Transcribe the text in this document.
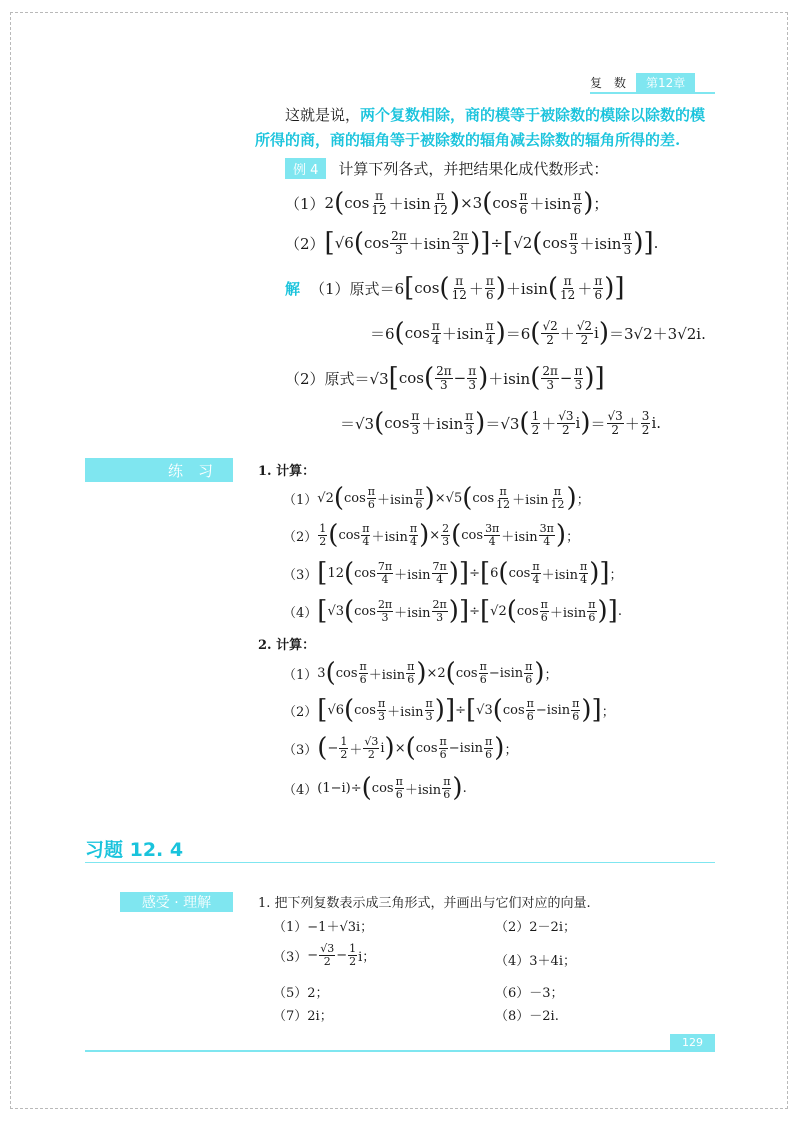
复　数	第12章
这就是说，两个复数相除，商的模等于被除数的模除以除数的模
所得的商，商的辐角等于被除数的辐角减去除数的辐角所得的差.
例 4	计算下列各式，并把结果化成代数形式：
（1） 2 ( $\cos \frac{\pi}{12} +isin \frac{\pi}{12}$ ) ×3 ( $\cos \frac{\pi}{6} +isin \frac{\pi}{6}$ ) ；
（2） [ √6 ( $\cos \frac{2\pi}{3} +isin \frac{2\pi}{3}$ ) ] ÷ [ √2 ( $\cos \frac{\pi}{3} +isin \frac{\pi}{3}$ ) ] .
解 （1）原式 ＝6 [ cos ( $\frac{\pi}{12} + \frac{\pi}{6}$ ) ＋isin ( $\frac{\pi}{12} + \frac{\pi}{6}$ ) ]
＝6 ( $\cos \frac{\pi}{4} +isin \frac{\pi}{4}$ ) ＝6 ( $\frac{√2}{2} + \frac{√2}{2}$ i ) ＝3√2＋3√2i.
（2）原式 ＝√3 [ cos ( $\frac{2\pi}{3} - \frac{\pi}{3}$ ) ＋isin ( $\frac{2\pi}{3} - \frac{\pi}{3}$ ) ]
＝√3 ( $\cos \frac{\pi}{3} +isin \frac{\pi}{3}$ ) ＝√3 ( $\frac{1}{2} + \frac{√3}{2}$ i ) ＝ $\frac{√3}{2} + \frac{3}{2} i$.
练　习	1. 计算：
（1） √2 ( $\cos \frac{\pi}{6} +isin \frac{\pi}{6}$ ) ×√5 ( $\cos \frac{\pi}{12} +isin \frac{\pi}{12}$ ) ；
$(2) \frac{1}{2}$ ( $\cos \frac{\pi}{4} +isin \frac{\pi}{4}$ ) × $\frac{2}{3}$ ( $\cos \frac{3\pi}{4} +isin \frac{3\pi}{4}$ ) ；
（3） [ 12 ( $\cos \frac{7\pi}{4} +isin \frac{7\pi}{4}$ ) ] ÷ [ 6 ( $\cos \frac{\pi}{4} +isin \frac{\pi}{4}$ ) ] ；
（4） [ √3 ( $\cos \frac{2\pi}{3} +isin \frac{2\pi}{3}$ ) ] ÷ [ √2 ( $\cos \frac{\pi}{6} +isin \frac{\pi}{6}$ ) ] .
2. 计算：
（1） 3 ( $\cos \frac{\pi}{6} +isin \frac{\pi}{6}$ ) ×2 ( $\cos \frac{\pi}{6} -isin \frac{\pi}{6}$ ) ；
（2） [ √6 ( $\cos \frac{\pi}{3} +isin \frac{\pi}{3}$ ) ] ÷ [ √3 ( $\cos \frac{\pi}{6} -isin \frac{\pi}{6}$ ) ] ；
（3） ( − $\frac{1}{2} + \frac{√3}{2}$ i ) × ( $\cos \frac{\pi}{6} -isin \frac{\pi}{6}$ ) ；
（4） (1−i)÷ ( $\cos \frac{\pi}{6} +isin \frac{\pi}{6}$ ) .
习题 12. 4
感受 · 理解	1. 把下列复数表示成三角形式，并画出与它们对应的向量.
（1） −1＋√3i；	（2）2－2i；
$(3) - \frac{√3}{2} - \frac{1}{2}$ i；	（4）3＋4i；
（5）2；	（6）－3；
（7）2i；	（8）－2i.
129
